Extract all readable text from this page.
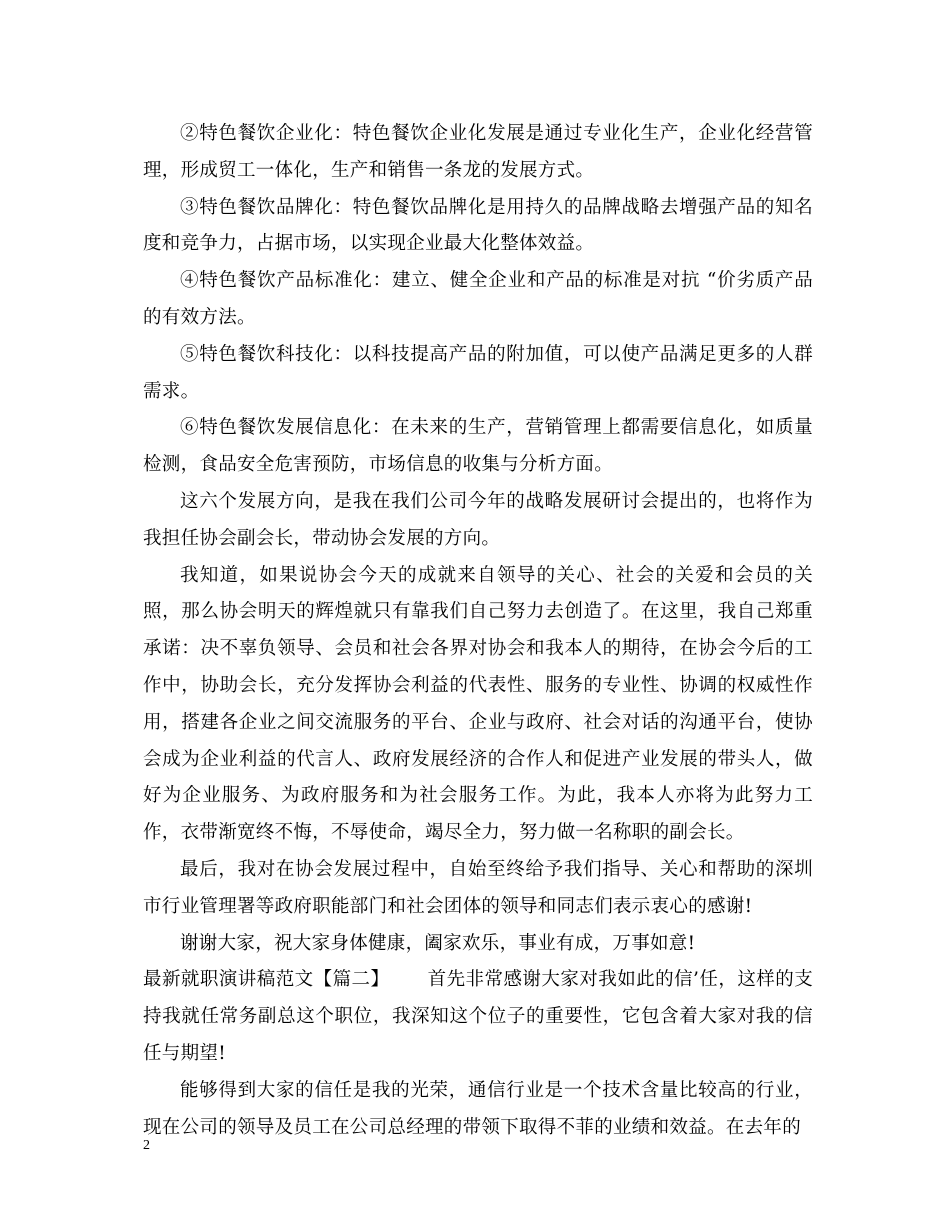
②特色餐饮企业化：特色餐饮企业化发展是通过专业化生产，企业化经营管理，形成贸工一体化，生产和销售一条龙的发展方式。

③特色餐饮品牌化：特色餐饮品牌化是用持久的品牌战略去增强产品的知名度和竞争力，占据市场，以实现企业最大化整体效益。

④特色餐饮产品标准化：建立、健全企业和产品的标准是对抗 “价劣质产品的有效方法。

⑤特色餐饮科技化：以科技提高产品的附加值，可以使产品满足更多的人群需求。

⑥特色餐饮发展信息化：在未来的生产，营销管理上都需要信息化，如质量检测，食品安全危害预防，市场信息的收集与分析方面。

这六个发展方向，是我在我们公司今年的战略发展研讨会提出的，也将作为我担任协会副会长，带动协会发展的方向。

我知道，如果说协会今天的成就来自领导的关心、社会的关爱和会员的关照，那么协会明天的辉煌就只有靠我们自己努力去创造了。在这里，我自己郑重承诺：决不辜负领导、会员和社会各界对协会和我本人的期待，在协会今后的工作中，协助会长，充分发挥协会利益的代表性、服务的专业性、协调的权威性作用，搭建各企业之间交流服务的平台、企业与政府、社会对话的沟通平台，使协会成为企业利益的代言人、政府发展经济的合作人和促进产业发展的带头人，做好为企业服务、为政府服务和为社会服务工作。为此，我本人亦将为此努力工作，衣带渐宽终不悔，不辱使命，竭尽全力，努力做一名称职的副会长。

最后，我对在协会发展过程中，自始至终给予我们指导、关心和帮助的深圳市行业管理署等政府职能部门和社会团体的领导和同志们表示衷心的感谢!

谢谢大家，祝大家身体健康，阖家欢乐，事业有成，万事如意!

最新就职演讲稿范文【篇二】 首先非常感谢大家对我如此的信’任，这样的支持我就任常务副总这个职位，我深知这个位子的重要性，它包含着大家对我的信任与期望!

能够得到大家的信任是我的光荣，通信行业是一个技术含量比较高的行业，现在公司的领导及员工在公司总经理的带领下取得不菲的业绩和效益。在去年的

2
